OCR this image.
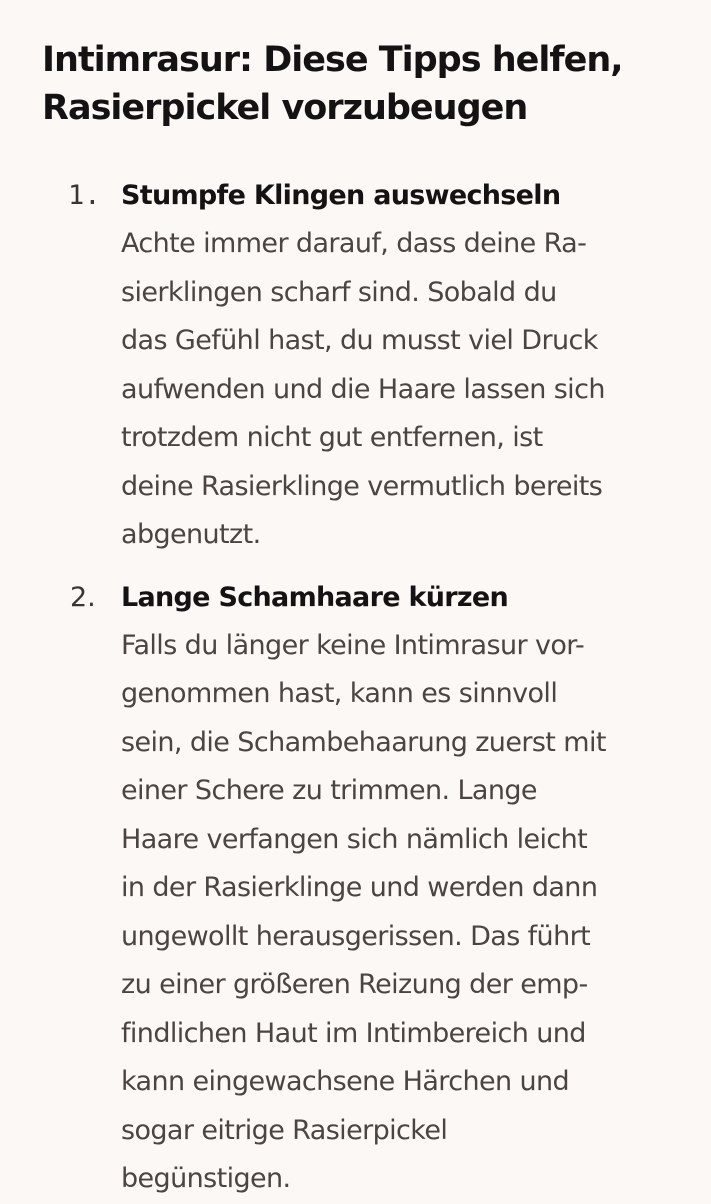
Intimrasur: Diese Tipps helfen,
Rasierpickel vorzubeugen
1. Stumpfe Klingen auswechseln

Achte immer darauf, dass deine Ra-
sierklingen scharf sind. Sobald du
das Gefühl hast, du musst viel Druck
aufwenden und die Haare lassen sich
trotzdem nicht gut entfernen, ist
deine Rasierklinge vermutlich bereits
abgenutzt.

2. Lange Schamhaare kürzen

Falls du länger keine Intimrasur vor-
genommen hast, kann es sinnvoll
sein, die Schambehaarung zuerst mit
einer Schere zu trimmen. Lange
Haare verfangen sich nämlich leicht
in der Rasierklinge und werden dann
ungewollt herausgerissen. Das führt
zu einer größeren Reizung der emp-
findlichen Haut im Intimbereich und
kann eingewachsene Härchen und
sogar eitrige Rasierpickel
begünstigen.
